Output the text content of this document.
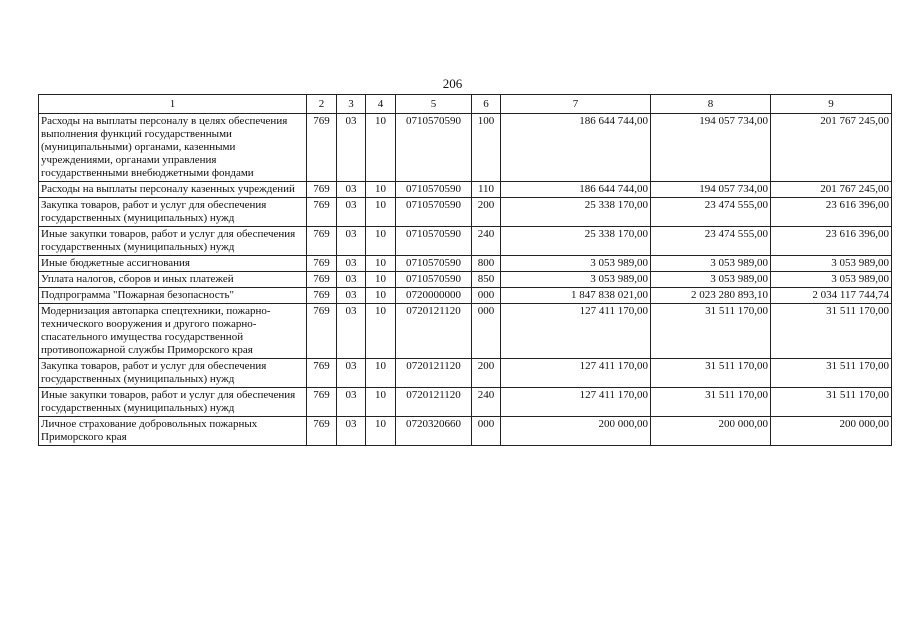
206
1	2	3	4	5	6	7	8	9
Расходы на выплаты персоналу в целях обеспечения выполнения функций государственными (муниципальными) органами, казенными учреждениями, органами управления государственными внебюджетными фондами	769	03	10	0710570590	100	186 644 744,00	194 057 734,00	201 767 245,00
Расходы на выплаты персоналу казенных учреждений	769	03	10	0710570590	110	186 644 744,00	194 057 734,00	201 767 245,00
Закупка товаров, работ и услуг для обеспечения государственных (муниципальных) нужд	769	03	10	0710570590	200	25 338 170,00	23 474 555,00	23 616 396,00
Иные закупки товаров, работ и услуг для обеспечения государственных (муниципальных) нужд	769	03	10	0710570590	240	25 338 170,00	23 474 555,00	23 616 396,00
Иные бюджетные ассигнования	769	03	10	0710570590	800	3 053 989,00	3 053 989,00	3 053 989,00
Уплата налогов, сборов и иных платежей	769	03	10	0710570590	850	3 053 989,00	3 053 989,00	3 053 989,00
Подпрограмма "Пожарная безопасность"	769	03	10	0720000000	000	1 847 838 021,00	2 023 280 893,10	2 034 117 744,74
Модернизация автопарка спецтехники, пожарно-технического вооружения и другого пожарно-спасательного имущества государственной противопожарной службы Приморского края	769	03	10	0720121120	000	127 411 170,00	31 511 170,00	31 511 170,00
Закупка товаров, работ и услуг для обеспечения государственных (муниципальных) нужд	769	03	10	0720121120	200	127 411 170,00	31 511 170,00	31 511 170,00
Иные закупки товаров, работ и услуг для обеспечения государственных (муниципальных) нужд	769	03	10	0720121120	240	127 411 170,00	31 511 170,00	31 511 170,00
Личное страхование добровольных пожарных Приморского края	769	03	10	0720320660	000	200 000,00	200 000,00	200 000,00
